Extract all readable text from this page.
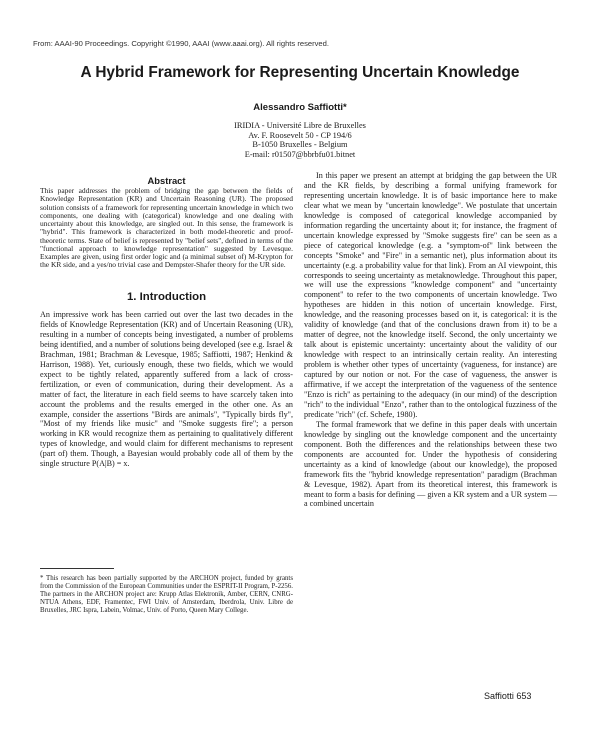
From: AAAI-90 Proceedings. Copyright ©1990, AAAI (www.aaai.org). All rights reserved.
A Hybrid Framework for Representing Uncertain Knowledge
Alessandro Saffiotti*
IRIDIA - Université Libre de Bruxelles
Av. F. Roosevelt 50 - CP 194/6
B-1050 Bruxelles - Belgium
E-mail: r01507@bbrbfu01.bitnet
Abstract

This paper addresses the problem of bridging the gap between the fields of Knowledge Representation (KR) and Uncertain Reasoning (UR). The proposed solution consists of a framework for representing uncertain knowledge in which two components, one dealing with (categorical) knowledge and one dealing with uncertainty about this knowledge, are singled out. In this sense, the framework is "hybrid". This framework is characterized in both model-theoretic and proof-theoretic terms. State of belief is represented by "belief sets", defined in terms of the "functional approach to knowledge representation" suggested by Levesque. Examples are given, using first order logic and (a minimal subset of) M-Krypton for the KR side, and a yes/no trivial case and Dempster-Shafer theory for the UR side.

1. Introduction

An impressive work has been carried out over the last two decades in the fields of Knowledge Representation (KR) and of Uncertain Reasoning (UR), resulting in a number of concepts being investigated, a number of problems being identified, and a number of solutions being developed (see e.g. Israel & Brachman, 1981; Brachman & Levesque, 1985; Saffiotti, 1987; Henkind & Harrison, 1988). Yet, curiously enough, these two fields, which we would expect to be tightly related, apparently suffered from a lack of cross-fertilization, or even of communication, during their development. As a matter of fact, the literature in each field seems to have scarcely taken into account the problems and the results emerged in the other one. As an example, consider the assertions "Birds are animals", "Typically birds fly", "Most of my friends like music" and "Smoke suggests fire"; a person working in KR would recognize them as pertaining to qualitatively different types of knowledge, and would claim for different mechanisms to represent (part of) them. Though, a Bayesian would probably code all of them by the single structure P(A|B) = x.

* This research has been partially supported by the ARCHON project, funded by grants from the Commission of the European Communities under the ESPRIT-II Program, P-2256. The partners in the ARCHON project are: Krupp Atlas Elektronik, Amber, CERN, CNRG-NTUA Athens, EDF, Framentec, FWI Univ. of Amsterdam, Iberdrola, Univ. Libre de Bruxelles, JRC Ispra, Labein, Volmac, Univ. of Porto, Queen Mary College.

In this paper we present an attempt at bridging the gap between the UR and the KR fields, by describing a formal unifying framework for representing uncertain knowledge. It is of basic importance here to make clear what we mean by "uncertain knowledge". We postulate that uncertain knowledge is composed of categorical knowledge accompanied by information regarding the uncertainty about it; for instance, the fragment of uncertain knowledge expressed by "Smoke suggests fire" can be seen as a piece of categorical knowledge (e.g. a "symptom-of" link between the concepts "Smoke" and "Fire" in a semantic net), plus information about its uncertainty (e.g. a probability value for that link). From an AI viewpoint, this corresponds to seeing uncertainty as metaknowledge. Throughout this paper, we will use the expressions "knowledge component" and "uncertainty component" to refer to the two components of uncertain knowledge. Two hypotheses are hidden in this notion of uncertain knowledge. First, knowledge, and the reasoning processes based on it, is categorical: it is the validity of knowledge (and that of the conclusions drawn from it) to be a matter of degree, not the knowledge itself. Second, the only uncertainty we talk about is epistemic uncertainty: uncertainty about the validity of our knowledge with respect to an intrinsically certain reality. An interesting problem is whether other types of uncertainty (vagueness, for instance) are captured by our notion or not. For the case of vagueness, the answer is affirmative, if we accept the interpretation of the vagueness of the sentence "Enzo is rich" as pertaining to the adequacy (in our mind) of the description "rich" to the individual "Enzo", rather than to the ontological fuzziness of the predicate "rich" (cf. Schefe, 1980).

The formal framework that we define in this paper deals with uncertain knowledge by singling out the knowledge component and the uncertainty component. Both the differences and the relationships between these two components are accounted for. Under the hypothesis of considering uncertainty as a kind of knowledge (about our knowledge), the proposed framework fits the "hybrid knowledge representation" paradigm (Brachman & Levesque, 1982). Apart from its theoretical interest, this framework is meant to form a basis for defining — given a KR system and a UR system — a combined uncertain

Saffiotti 653
